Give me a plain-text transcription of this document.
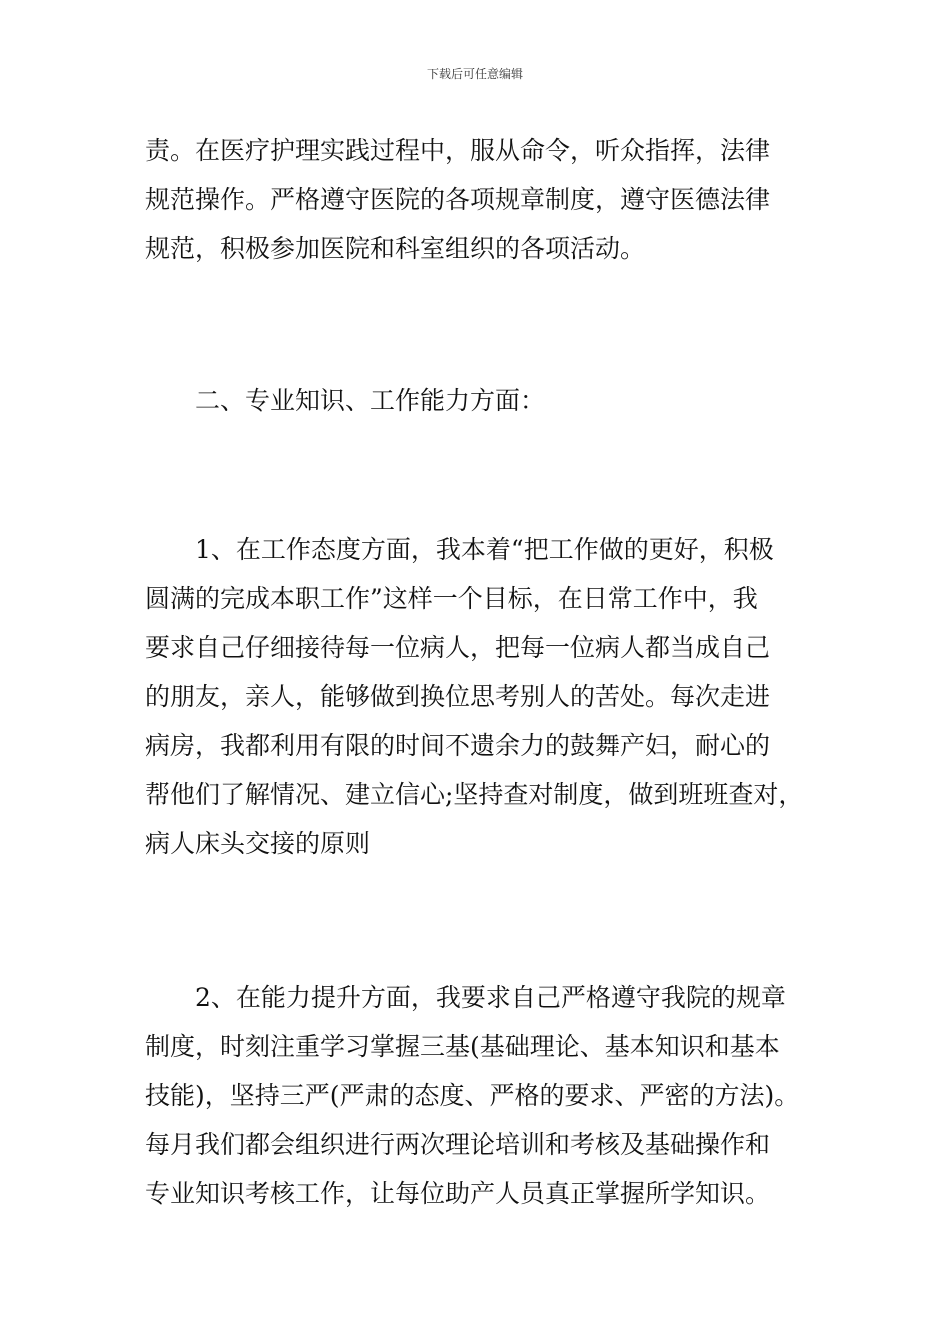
下载后可任意编辑

责。在医疗护理实践过程中，服从命令，听众指挥，法律
规范操作。严格遵守医院的各项规章制度，遵守医德法律
规范，积极参加医院和科室组织的各项活动。

二、专业知识、工作能力方面：

1、在工作态度方面，我本着“把工作做的更好，积极
圆满的完成本职工作”这样一个目标，在日常工作中，我
要求自己仔细接待每一位病人，把每一位病人都当成自己
的朋友，亲人，能够做到换位思考别人的苦处。每次走进
病房，我都利用有限的时间不遗余力的鼓舞产妇，耐心的
帮他们了解情况、建立信心;坚持查对制度，做到班班查对，
病人床头交接的原则

2、在能力提升方面，我要求自己严格遵守我院的规章
制度，时刻注重学习掌握三基(基础理论、基本知识和基本
技能)，坚持三严(严肃的态度、严格的要求、严密的方法)。
每月我们都会组织进行两次理论培训和考核及基础操作和
专业知识考核工作，让每位助产人员真正掌握所学知识。
